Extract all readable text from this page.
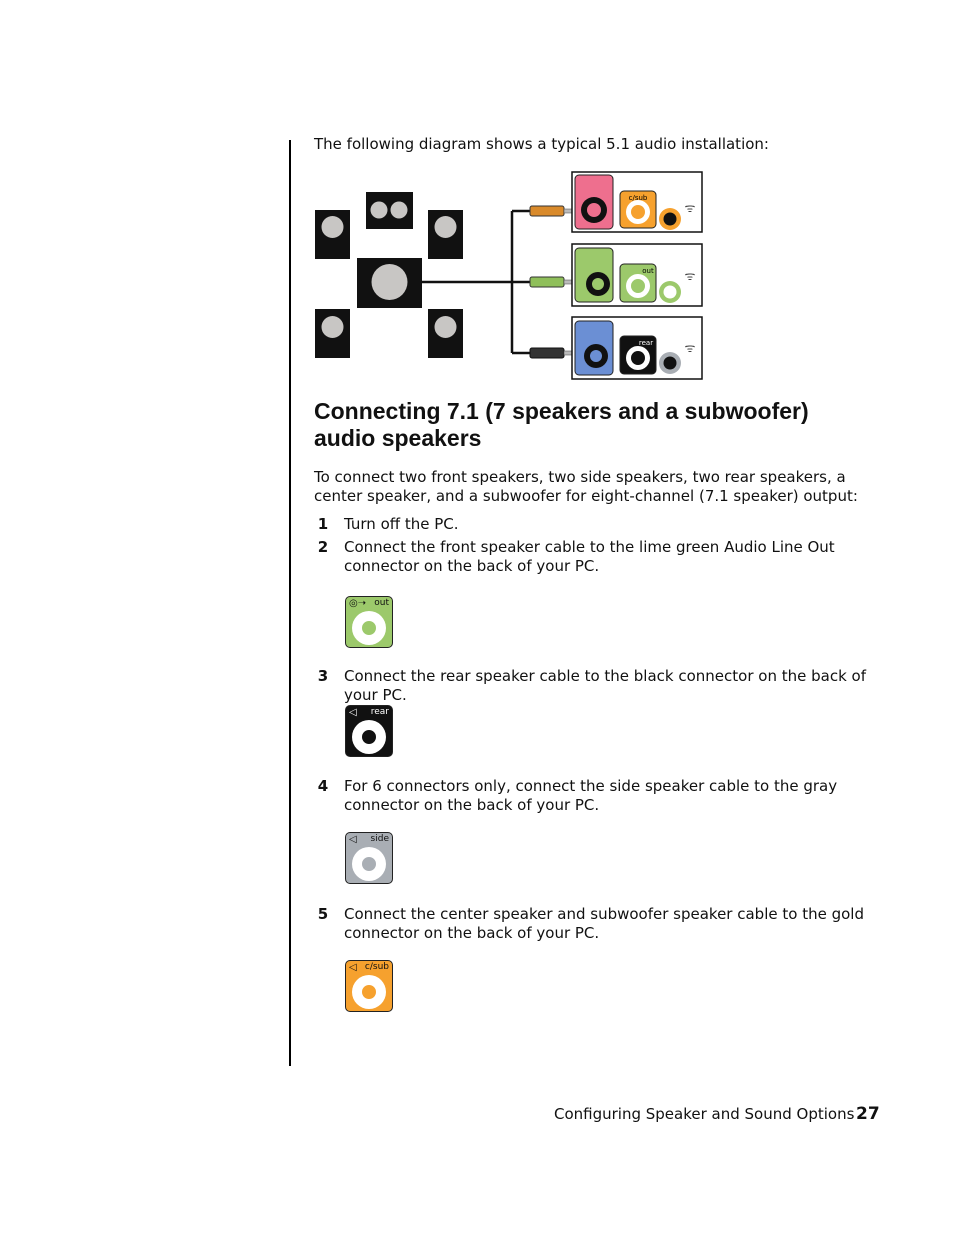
The following diagram shows a typical 5.1 audio installation:
c/sub
ᯤ
out	ᯤ
rear	ᯤ
Connecting 7.1 (7 speakers and a subwoofer) audio speakers
To connect two front speakers, two side speakers, two rear speakers, a center speaker, and a subwoofer for eight-channel (7.1 speaker) output:
1 Turn off the PC.
2 Connect the front speaker cable to the lime green Audio Line Out connector on the back of your PC.
◎➝ out
3 Connect the rear speaker cable to the black connector on the back of your PC.
◁ rear
4 For 6 connectors only, connect the side speaker cable to the gray connector on the back of your PC.
◁ side
5 Connect the center speaker and subwoofer speaker cable to the gold connector on the back of your PC.
◁ c/sub
Configuring Speaker and Sound Options 27
